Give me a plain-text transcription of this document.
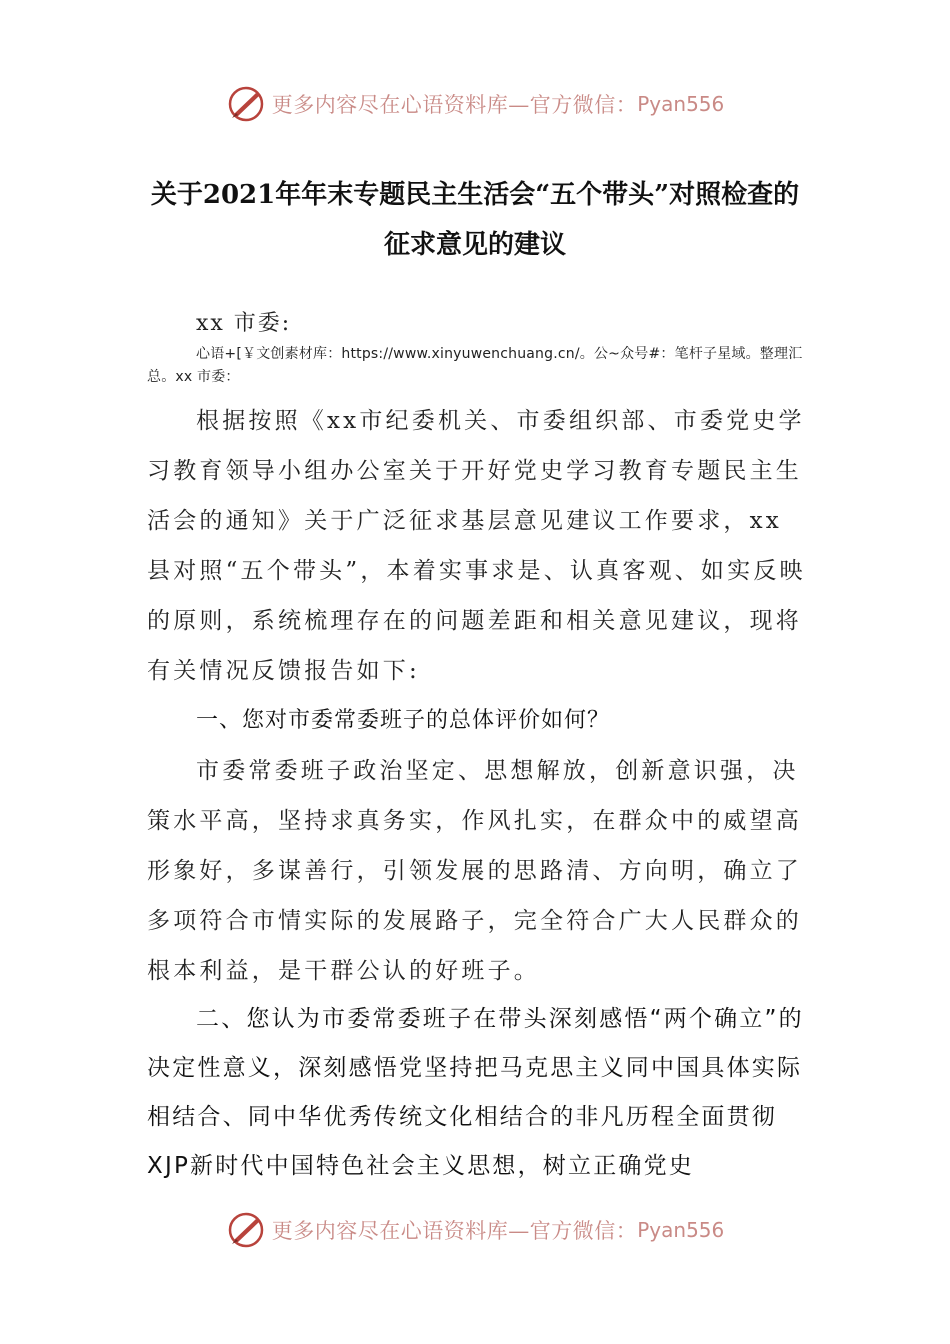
更多内容尽在心语资料库—官方微信： Pyan556
关于2021年年末专题民主生活会“五个带头”对照检查的
征求意见的建议

xx 市委:

心语+[￥文创素材库：https://www.xinyuwenchuang.cn/。公~众号#：笔杆子星域。整理汇总。xx 市委：

根据按照《xx市纪委机关、市委组织部、市委党史学习教育领导小组办公室关于开好党史学习教育专题民主生活会的通知》关于广泛征求基层意见建议工作要求，xx县对照“五个带头”，本着实事求是、认真客观、如实反映的原则，系统梳理存在的问题差距和相关意见建议，现将有关情况反馈报告如下:

一、您对市委常委班子的总体评价如何？

市委常委班子政治坚定、思想解放，创新意识强，决策水平高，坚持求真务实，作风扎实，在群众中的威望高形象好，多谋善行，引领发展的思路清、方向明，确立了多项符合市情实际的发展路子，完全符合广大人民群众的根本利益，是干群公认的好班子。

二、您认为市委常委班子在带头深刻感悟“两个确立”的决定性意义，深刻感悟党坚持把马克思主义同中国具体实际相结合、同中华优秀传统文化相结合的非凡历程全面贯彻XJP新时代中国特色社会主义思想，树立正确党史

更多内容尽在心语资料库—官方微信： Pyan556
